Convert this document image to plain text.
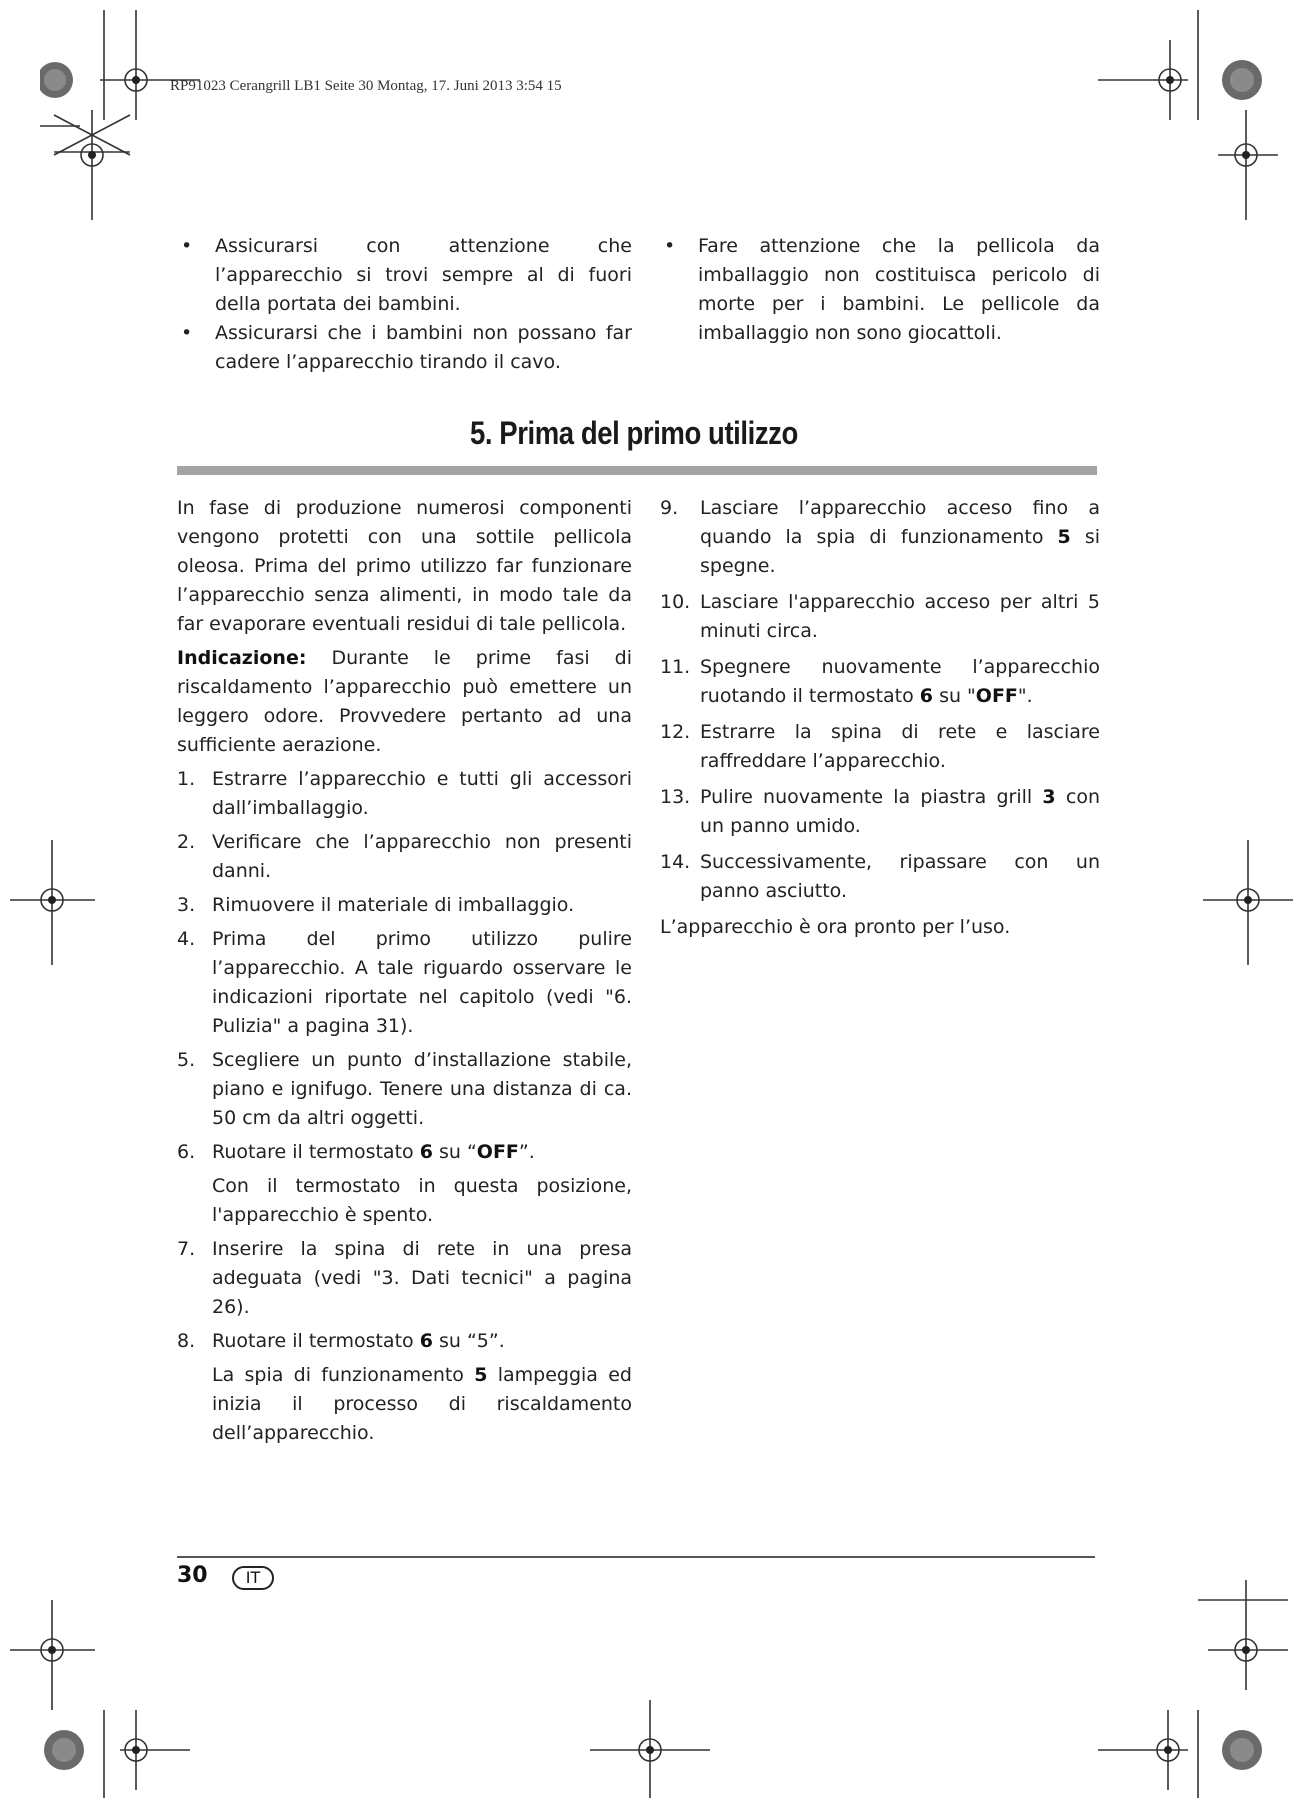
RP91023 Cerangrill LB1 Seite 30 Montag, 17. Juni 2013 3:54 15

• Assicurarsi con attenzione che l’apparecchio si trovi sempre al di fuori della portata dei bambini.

• Assicurarsi che i bambini non possano far cadere l’apparecchio tirando il cavo.

• Fare attenzione che la pellicola da imballaggio non costituisca pericolo di morte per i bambini. Le pellicole da imballaggio non sono giocattoli.

5. Prima del primo utilizzo

In fase di produzione numerosi componenti vengono protetti con una sottile pellicola oleosa. Prima del primo utilizzo far funzionare l’apparecchio senza alimenti, in modo tale da far evaporare eventuali residui di tale pellicola.

Indicazione: Durante le prime fasi di riscaldamento l’apparecchio può emettere un leggero odore. Provvedere pertanto ad una sufficiente aerazione.

1. Estrarre l’apparecchio e tutti gli accessori dall’imballaggio.

2. Verificare che l’apparecchio non presenti danni.

3. Rimuovere il materiale di imballaggio.

4. Prima del primo utilizzo pulire l’apparecchio. A tale riguardo osservare le indicazioni riportate nel capitolo (vedi "6. Pulizia" a pagina 31).

5. Scegliere un punto d’installazione stabile, piano e ignifugo. Tenere una distanza di ca. 50 cm da altri oggetti.

6. Ruotare il termostato 6 su “OFF”.

Con il termostato in questa posizione, l'apparecchio è spento.

7. Inserire la spina di rete in una presa adeguata (vedi "3. Dati tecnici" a pagina 26).

8. Ruotare il termostato 6 su “5”.

La spia di funzionamento 5 lampeggia ed inizia il processo di riscaldamento dell’apparecchio.

9. Lasciare l’apparecchio acceso fino a quando la spia di funzionamento 5 si spegne.

10. Lasciare l'apparecchio acceso per altri 5 minuti circa.

11. Spegnere nuovamente l’apparecchio ruotando il termostato 6 su "OFF".

12. Estrarre la spina di rete e lasciare raffreddare l’apparecchio.

13. Pulire nuovamente la piastra grill 3 con un panno umido.

14. Successivamente, ripassare con un panno asciutto.

L’apparecchio è ora pronto per l’uso.

30	IT
